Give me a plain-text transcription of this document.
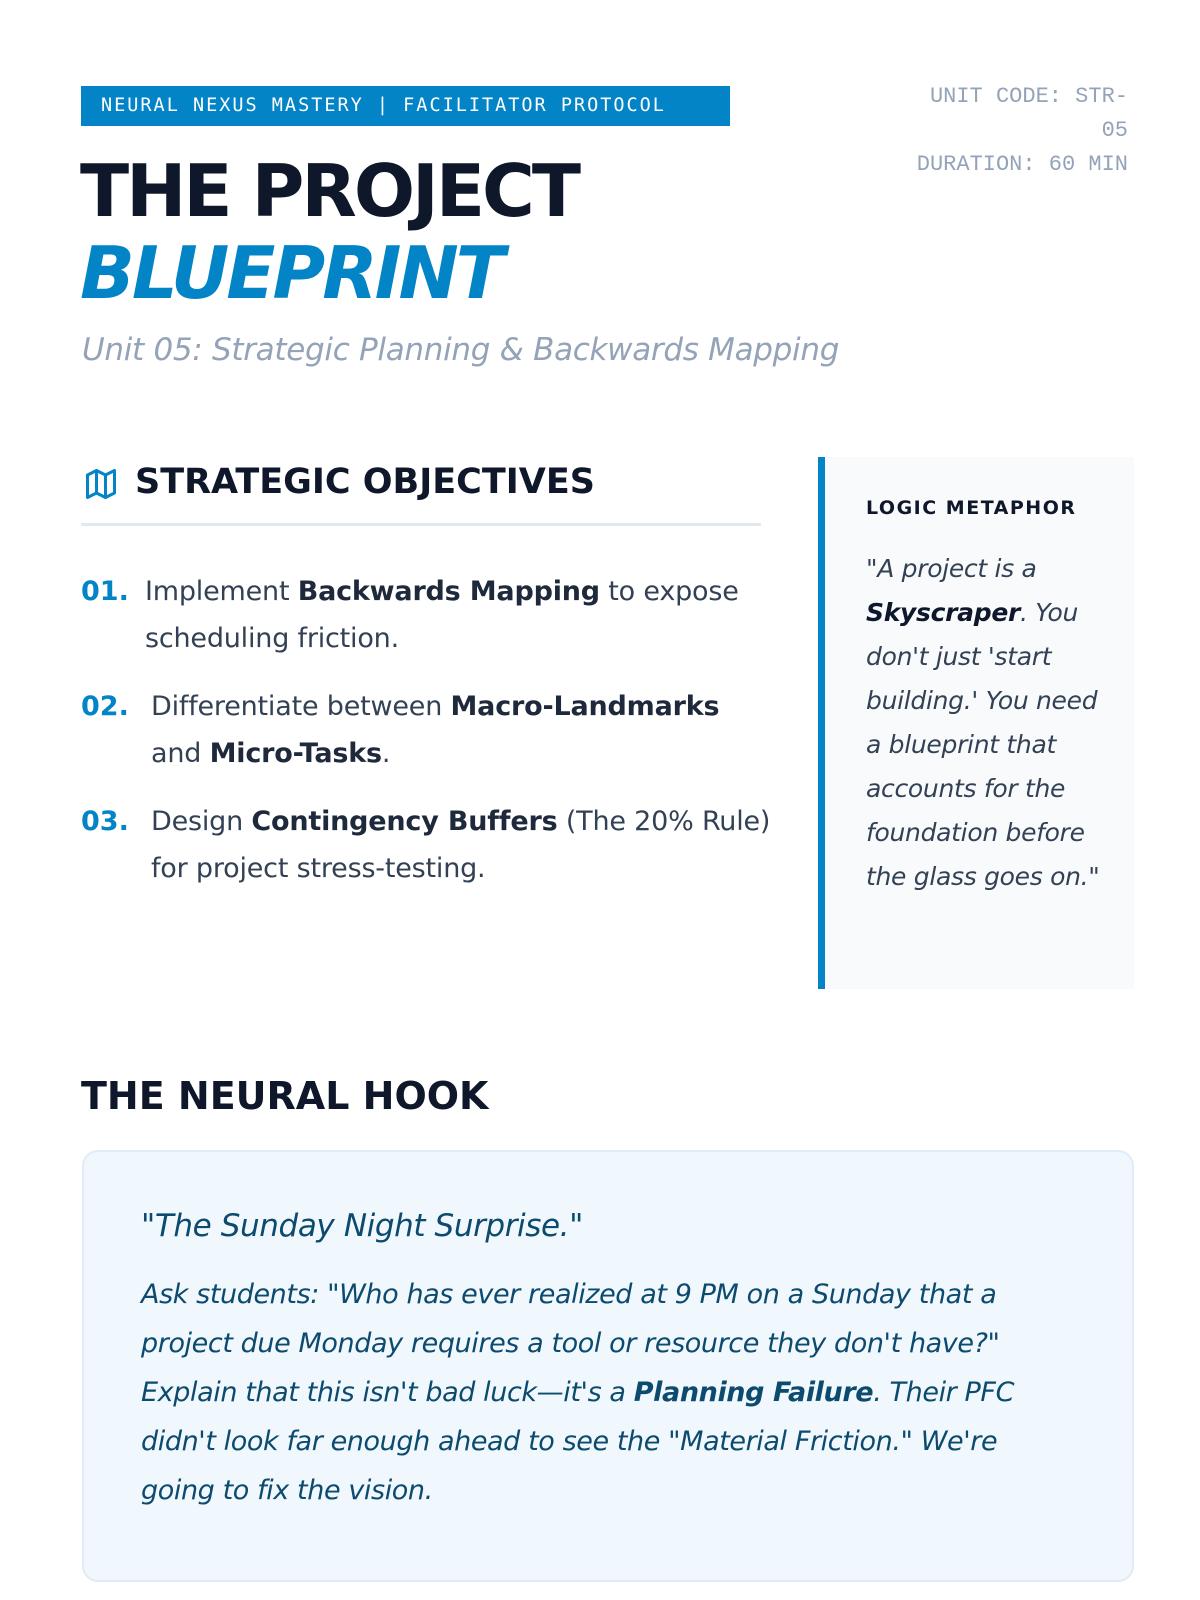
NEURAL NEXUS MASTERY | FACILITATOR PROTOCOL	UNIT CODE: STR-05
DURATION: 60 MIN
THE PROJECT
BLUEPRINT

Unit 05: Strategic Planning & Backwards Mapping

STRATEGIC OBJECTIVES
01. Implement Backwards Mapping to expose scheduling friction.
02. Differentiate between Macro-Landmarks and Micro-Tasks.
03. Design Contingency Buffers (The 20% Rule) for project stress-testing.

LOGIC METAPHOR

"A project is a Skyscraper. You don't just 'start building.' You need a blueprint that accounts for the foundation before the glass goes on."

THE NEURAL HOOK

"The Sunday Night Surprise."

Ask students: "Who has ever realized at 9 PM on a Sunday that a project due Monday requires a tool or resource they don't have?" Explain that this isn't bad luck—it's a Planning Failure. Their PFC didn't look far enough ahead to see the "Material Friction." We're going to fix the vision.
